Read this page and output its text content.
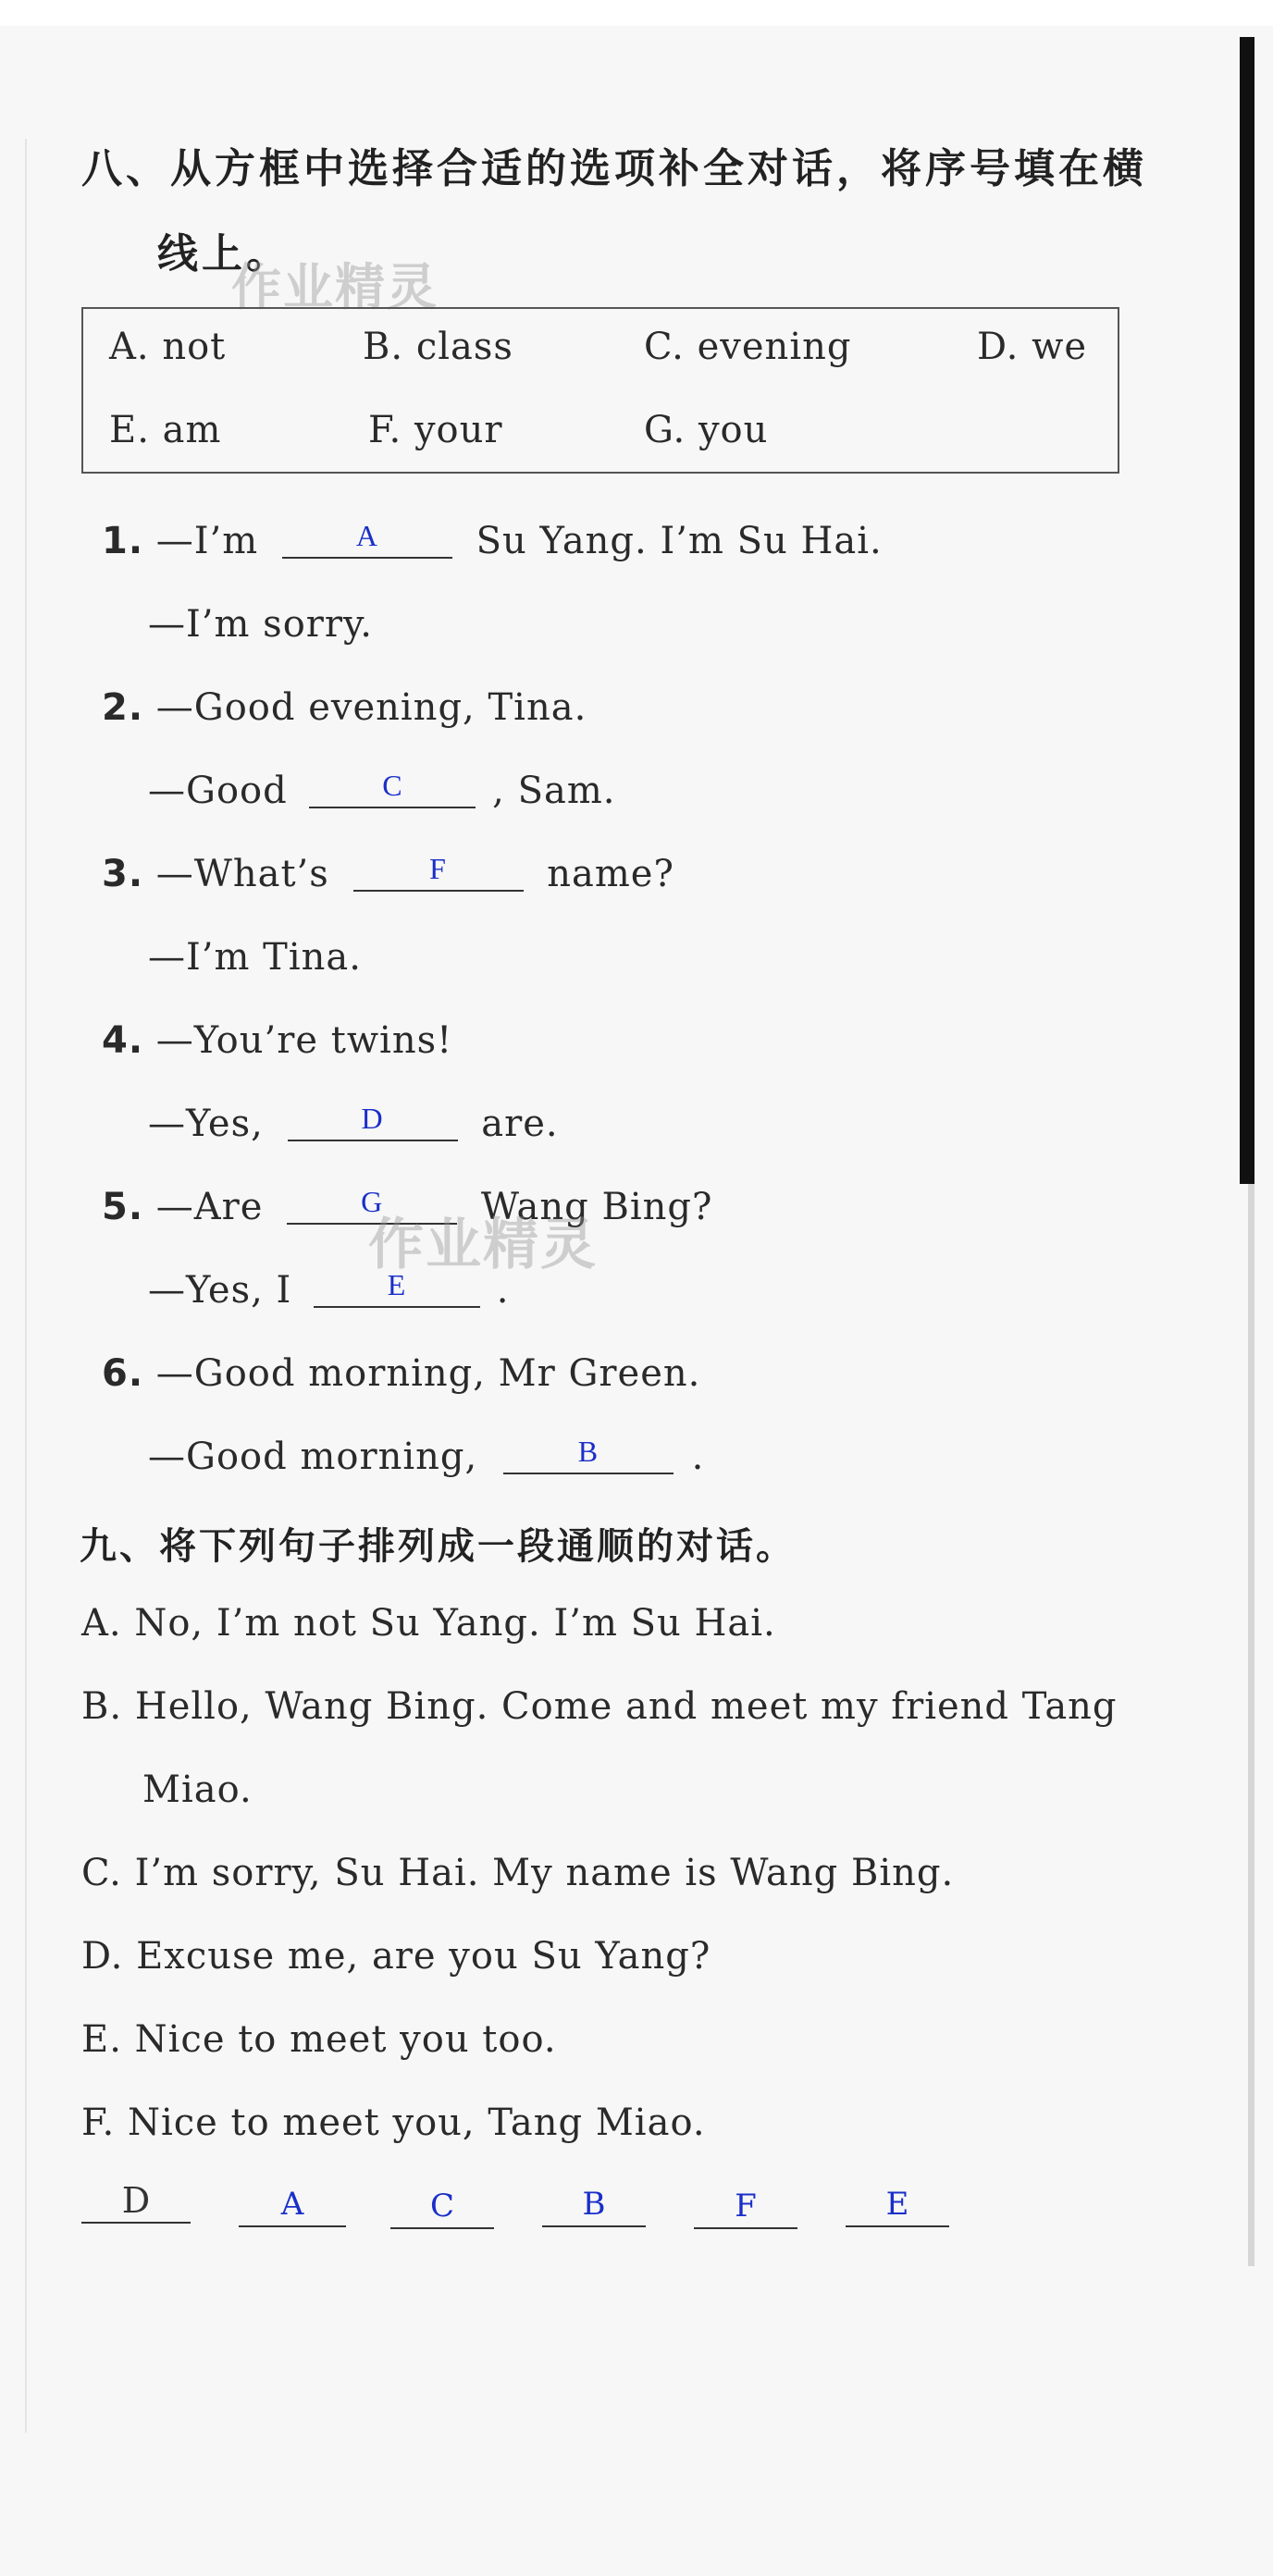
八、从方框中选择合适的选项补全对话，将序号填在横
线上。
作业精灵
A. not	B. class	C. evening	D. we
E. am	F. your	G. you
1. —I’m	A	Su Yang. I’m Su Hai.
—I’m sorry.
2. —Good evening, Tina.
—Good	C	, Sam.
3. —What’s	F	name?
—I’m Tina.
4. —You’re twins!
—Yes,	D	are.
5. —Are	G	Wang Bing?
作业精灵
—Yes, I	E	.
6. —Good morning, Mr Green.
—Good morning,	B	.
九、将下列句子排列成一段通顺的对话。
A. No, I’m not Su Yang. I’m Su Hai.
B. Hello, Wang Bing. Come and meet my friend Tang
Miao.
C. I’m sorry, Su Hai. My name is Wang Bing.
D. Excuse me, are you Su Yang?
E. Nice to meet you too.
F. Nice to meet you, Tang Miao.
D	A	C	B	F	E
